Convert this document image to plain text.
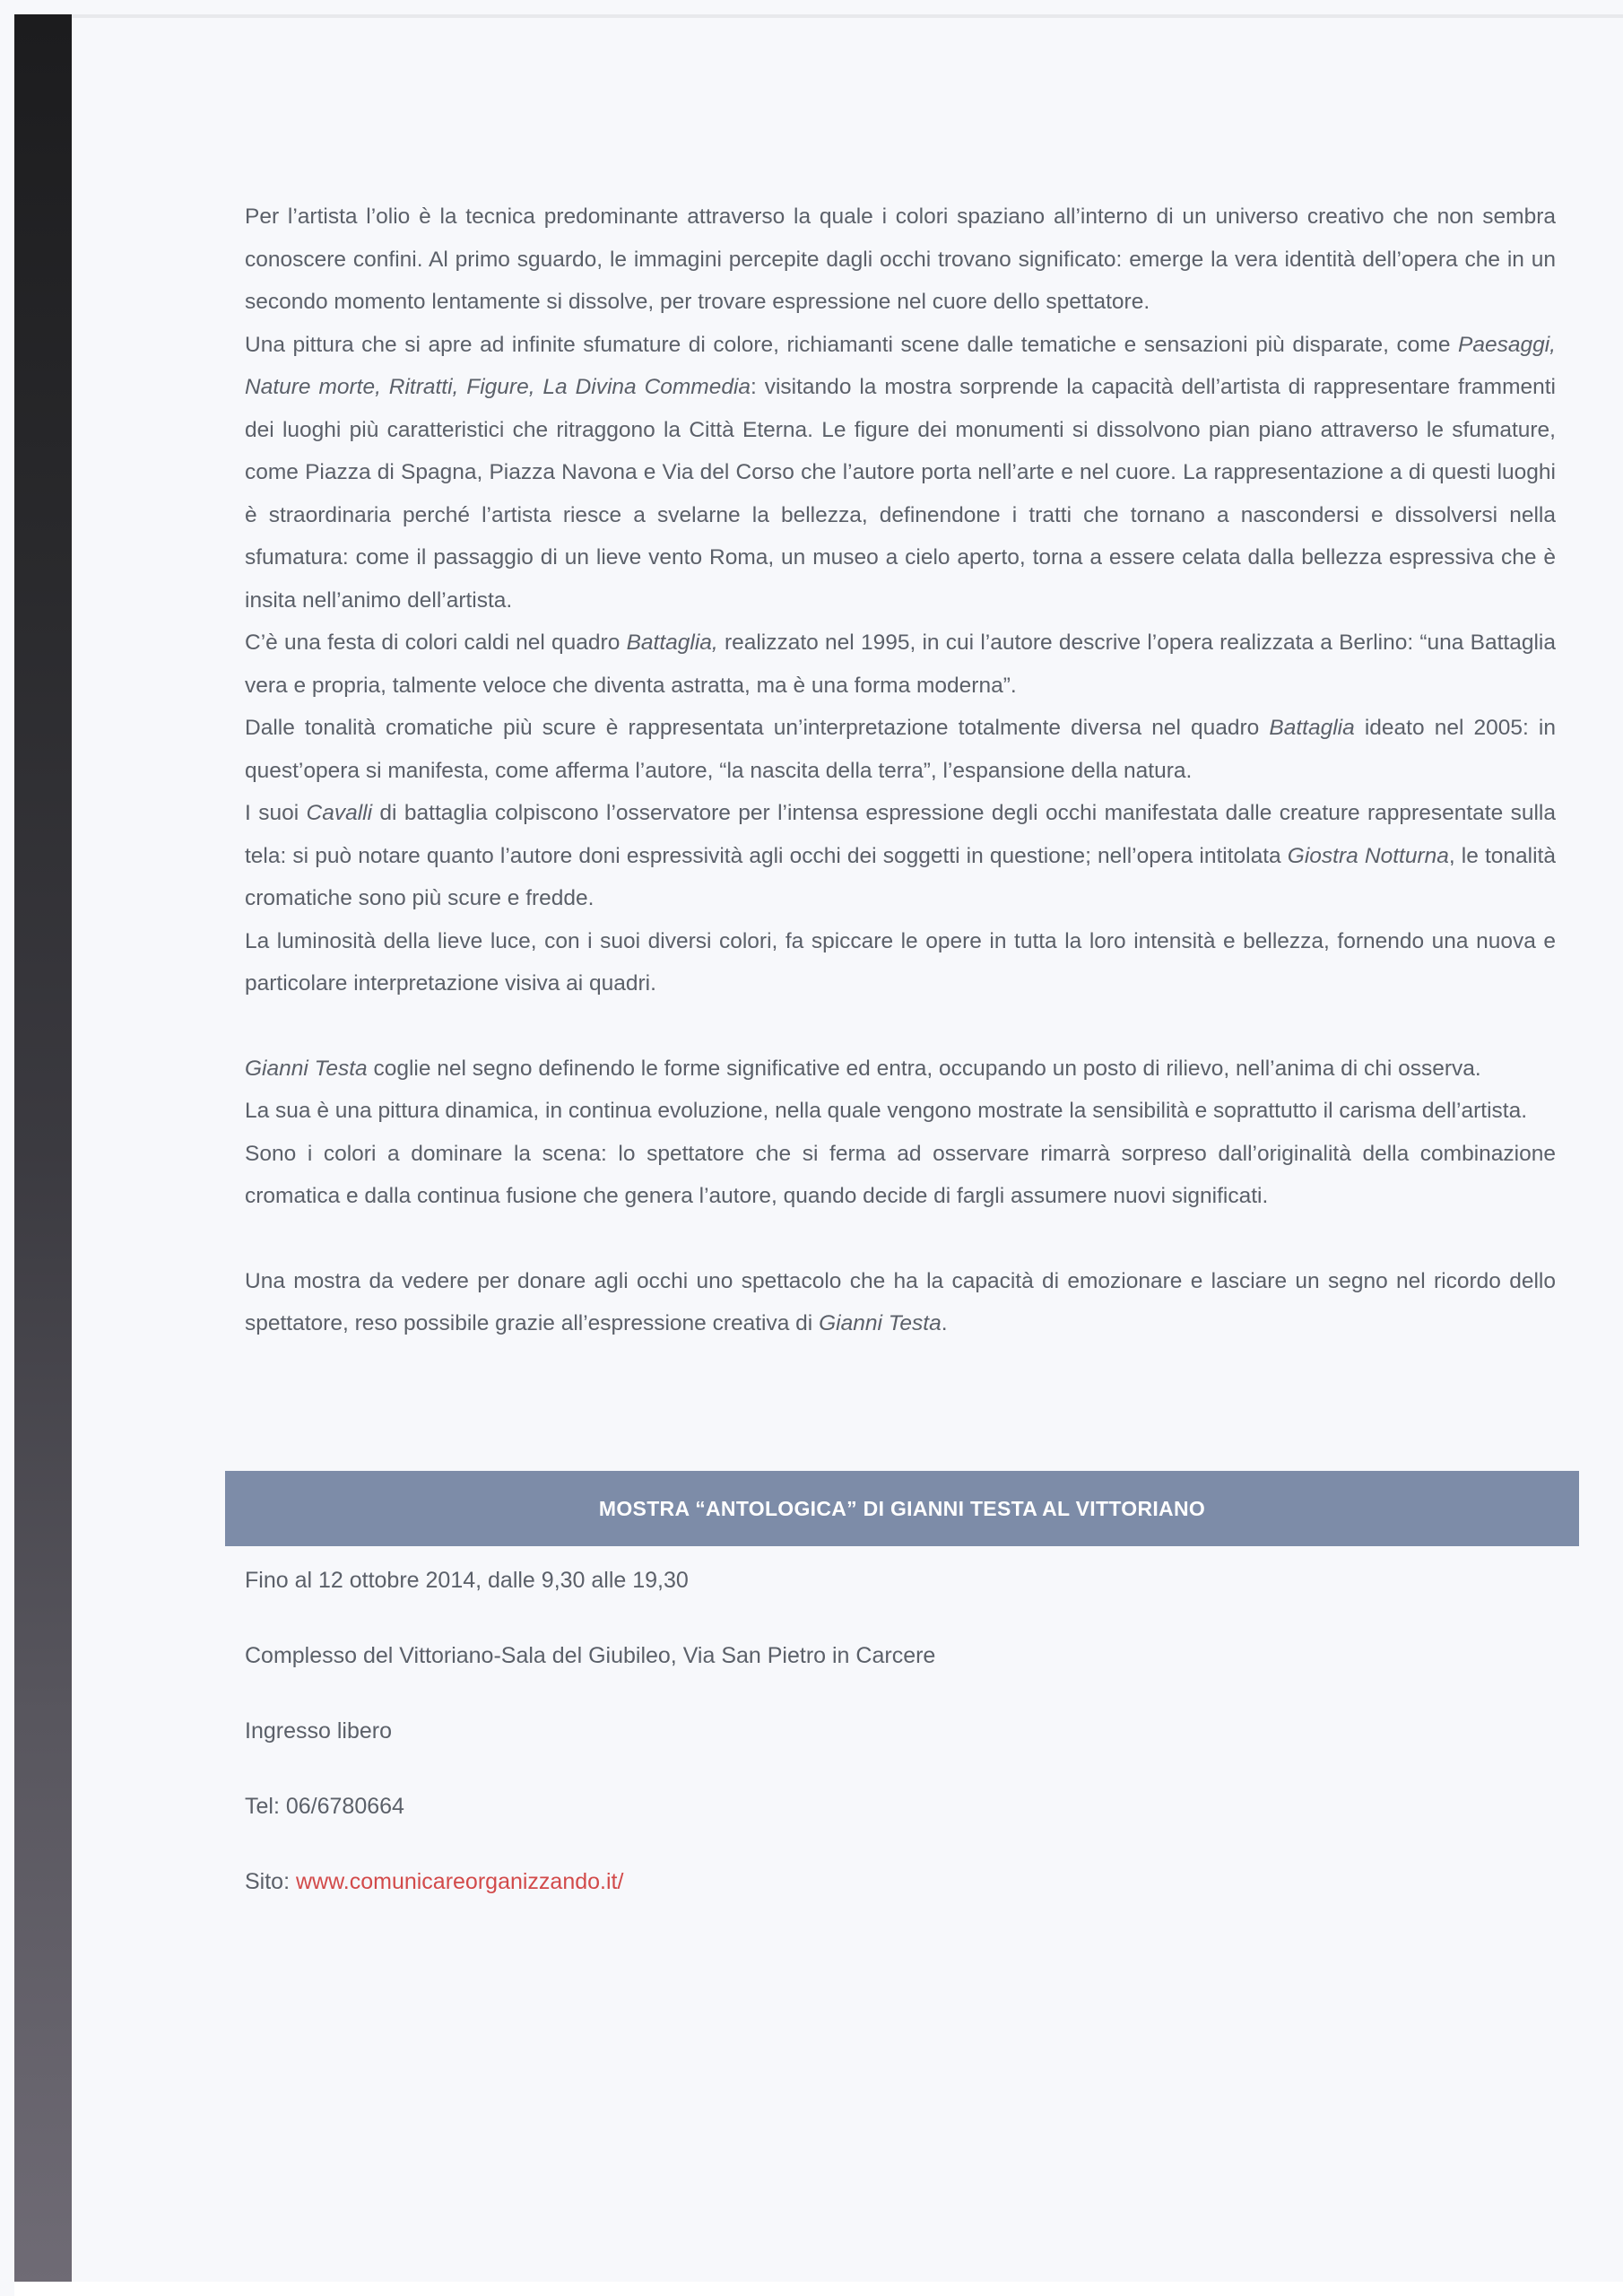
Per l’artista l’olio è la tecnica predominante attraverso la quale i colori spaziano all’interno di un universo creativo che non sembra conoscere confini. Al primo sguardo, le immagini percepite dagli occhi trovano significato: emerge la vera identità dell’opera che in un secondo momento lentamente si dissolve, per trovare espressione nel cuore dello spettatore.

Una pittura che si apre ad infinite sfumature di colore, richiamanti scene dalle tematiche e sensazioni più disparate, come Paesaggi, Nature morte, Ritratti, Figure, La Divina Commedia: visitando la mostra sorprende la capacità dell’artista di rappresentare frammenti dei luoghi più caratteristici che ritraggono la Città Eterna. Le figure dei monumenti si dissolvono pian piano attraverso le sfumature, come Piazza di Spagna, Piazza Navona e Via del Corso che l’autore porta nell’arte e nel cuore. La rappresentazione a di questi luoghi è straordinaria perché l’artista riesce a svelarne la bellezza, definendone i tratti che tornano a nascondersi e dissolversi nella sfumatura: come il passaggio di un lieve vento Roma, un museo a cielo aperto, torna a essere celata dalla bellezza espressiva che è insita nell’animo dell’artista.

C’è una festa di colori caldi nel quadro Battaglia, realizzato nel 1995, in cui l’autore descrive l’opera realizzata a Berlino: “una Battaglia vera e propria, talmente veloce che diventa astratta, ma è una forma moderna”.

Dalle tonalità cromatiche più scure è rappresentata un’interpretazione totalmente diversa nel quadro Battaglia ideato nel 2005: in quest’opera si manifesta, come afferma l’autore, “la nascita della terra”, l’espansione della natura.

I suoi Cavalli di battaglia colpiscono l’osservatore per l’intensa espressione degli occhi manifestata dalle creature rappresentate sulla tela: si può notare quanto l’autore doni espressività agli occhi dei soggetti in questione; nell’opera intitolata Giostra Notturna, le tonalità cromatiche sono più scure e fredde.

La luminosità della lieve luce, con i suoi diversi colori, fa spiccare le opere in tutta la loro intensità e bellezza, fornendo una nuova e particolare interpretazione visiva ai quadri.

Gianni Testa coglie nel segno definendo le forme significative ed entra, occupando un posto di rilievo, nell’anima di chi osserva.

La sua è una pittura dinamica, in continua evoluzione, nella quale vengono mostrate la sensibilità e soprattutto il carisma dell’artista.

Sono i colori a dominare la scena: lo spettatore che si ferma ad osservare rimarrà sorpreso dall’originalità della combinazione cromatica e dalla continua fusione che genera l’autore, quando decide di fargli assumere nuovi significati.

Una mostra da vedere per donare agli occhi uno spettacolo che ha la capacità di emozionare e lasciare un segno nel ricordo dello spettatore, reso possibile grazie all’espressione creativa di Gianni Testa.

MOSTRA “ANTOLOGICA” DI GIANNI TESTA AL VITTORIANO

Fino al 12 ottobre 2014, dalle 9,30 alle 19,30

Complesso del Vittoriano-Sala del Giubileo, Via San Pietro in Carcere

Ingresso libero

Tel: 06/6780664

Sito: www.comunicareorganizzando.it/
